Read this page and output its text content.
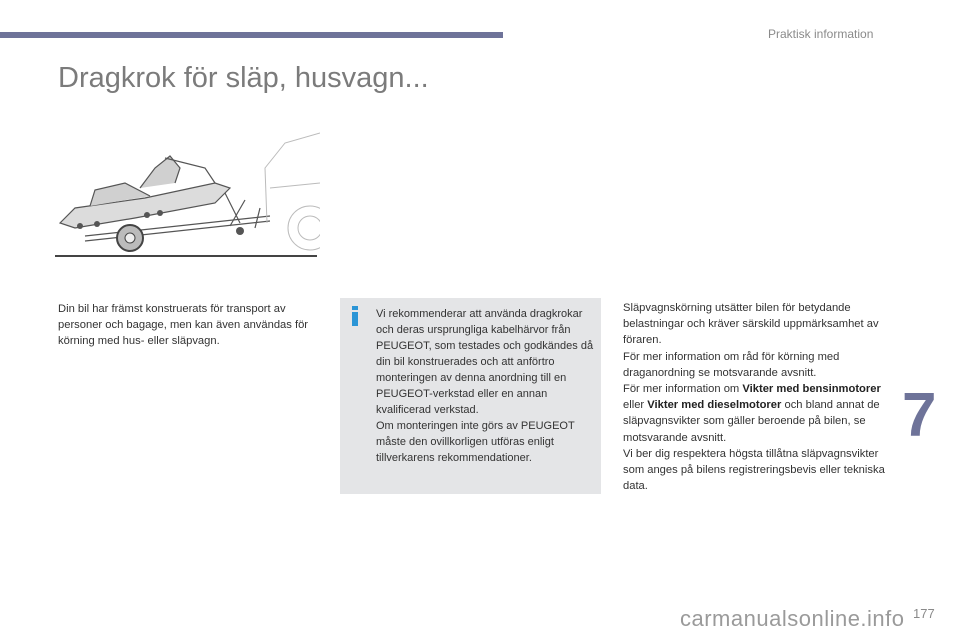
Praktisk information
Dragkrok för släp, husvagn...
Din bil har främst konstruerats för transport av personer och bagage, men kan även användas för körning med hus- eller släpvagn.

Vi rekommenderar att använda dragkrokar och deras ursprungliga kabelhärvor från PEUGEOT, som testades och godkändes då din bil konstruerades och att anförtro monteringen av denna anordning till en PEUGEOT-verkstad eller en annan kvalificerad verkstad.

Om monteringen inte görs av PEUGEOT måste den ovillkorligen utföras enligt tillverkarens rekommendationer.

Släpvagnskörning utsätter bilen för betydande belastningar och kräver särskild uppmärksamhet av föraren.

För mer information om råd för körning med draganordning se motsvarande avsnitt.

För mer information om Vikter med bensinmotorer eller Vikter med dieselmotorer och bland annat de släpvagnsvikter som gäller beroende på bilen, se motsvarande avsnitt.

Vi ber dig respektera högsta tillåtna släpvagnsvikter som anges på bilens registreringsbevis eller tekniska data.

7
carmanualsonline.info 177
